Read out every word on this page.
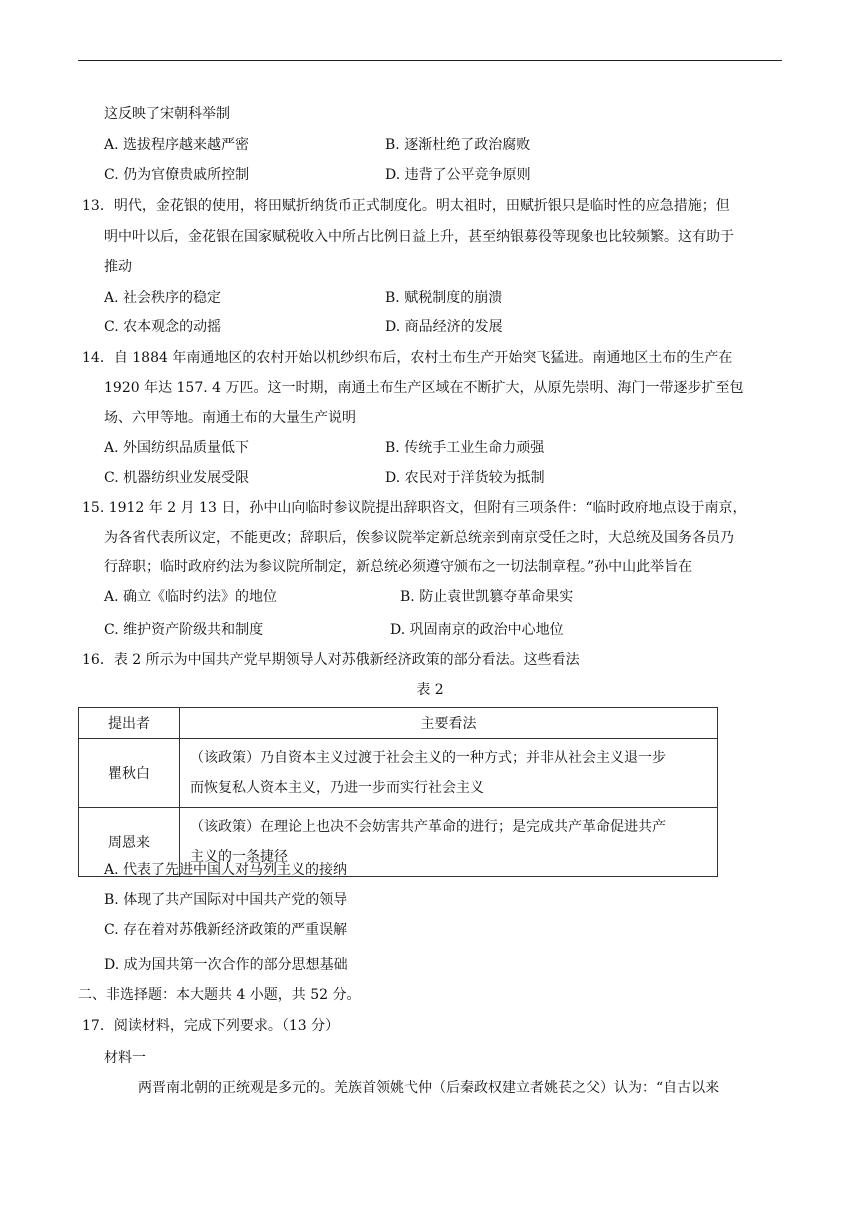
这反映了宋朝科举制
A. 选拔程序越来越严密	B. 逐渐杜绝了政治腐败
C. 仍为官僚贵戚所控制	D. 违背了公平竞争原则
13．明代，金花银的使用，将田赋折纳货币正式制度化。明太祖时，田赋折银只是临时性的应急措施；但
明中叶以后，金花银在国家赋税收入中所占比例日益上升，甚至纳银募役等现象也比较频繁。这有助于
推动
A. 社会秩序的稳定	B. 赋税制度的崩溃
C. 农本观念的动摇	D. 商品经济的发展
14．自 1884 年南通地区的农村开始以机纱织布后，农村土布生产开始突飞猛进。南通地区土布的生产在
1920 年达 157. 4 万匹。这一时期，南通土布生产区域在不断扩大，从原先崇明、海门一带逐步扩至包
场、六甲等地。南通土布的大量生产说明
A. 外国纺织品质量低下	B. 传统手工业生命力顽强
C. 机器纺织业发展受限	D. 农民对于洋货较为抵制
15. 1912 年 2 月 13 日，孙中山向临时参议院提出辞职咨文，但附有三项条件：“临时政府地点设于南京，
为各省代表所议定，不能更改；辞职后，俟参议院举定新总统亲到南京受任之时，大总统及国务各员乃
行辞职；临时政府约法为参议院所制定，新总统必须遵守颁布之一切法制章程。”孙中山此举旨在
A. 确立《临时约法》的地位	B. 防止袁世凯篡夺革命果实
C. 维护资产阶级共和制度	D. 巩固南京的政治中心地位
16．表 2 所示为中国共产党早期领导人对苏俄新经济政策的部分看法。这些看法
表 2
提出者	主要看法
瞿秋白	（该政策）乃自资本主义过渡于社会主义的一种方式；并非从社会主义退一步
而恢复私人资本主义，乃进一步而实行社会主义

周恩来	（该政策）在理论上也决不会妨害共产革命的进行；是完成共产革命促进共产
主义的一条捷径
A. 代表了先进中国人对马列主义的接纳
B. 体现了共产国际对中国共产党的领导
C. 存在着对苏俄新经济政策的严重误解
D. 成为国共第一次合作的部分思想基础
二、非选择题：本大题共 4 小题，共 52 分。
17．阅读材料，完成下列要求。（13 分）
材料一
两晋南北朝的正统观是多元的。羌族首领姚弋仲（后秦政权建立者姚苌之父）认为：“自古以来
